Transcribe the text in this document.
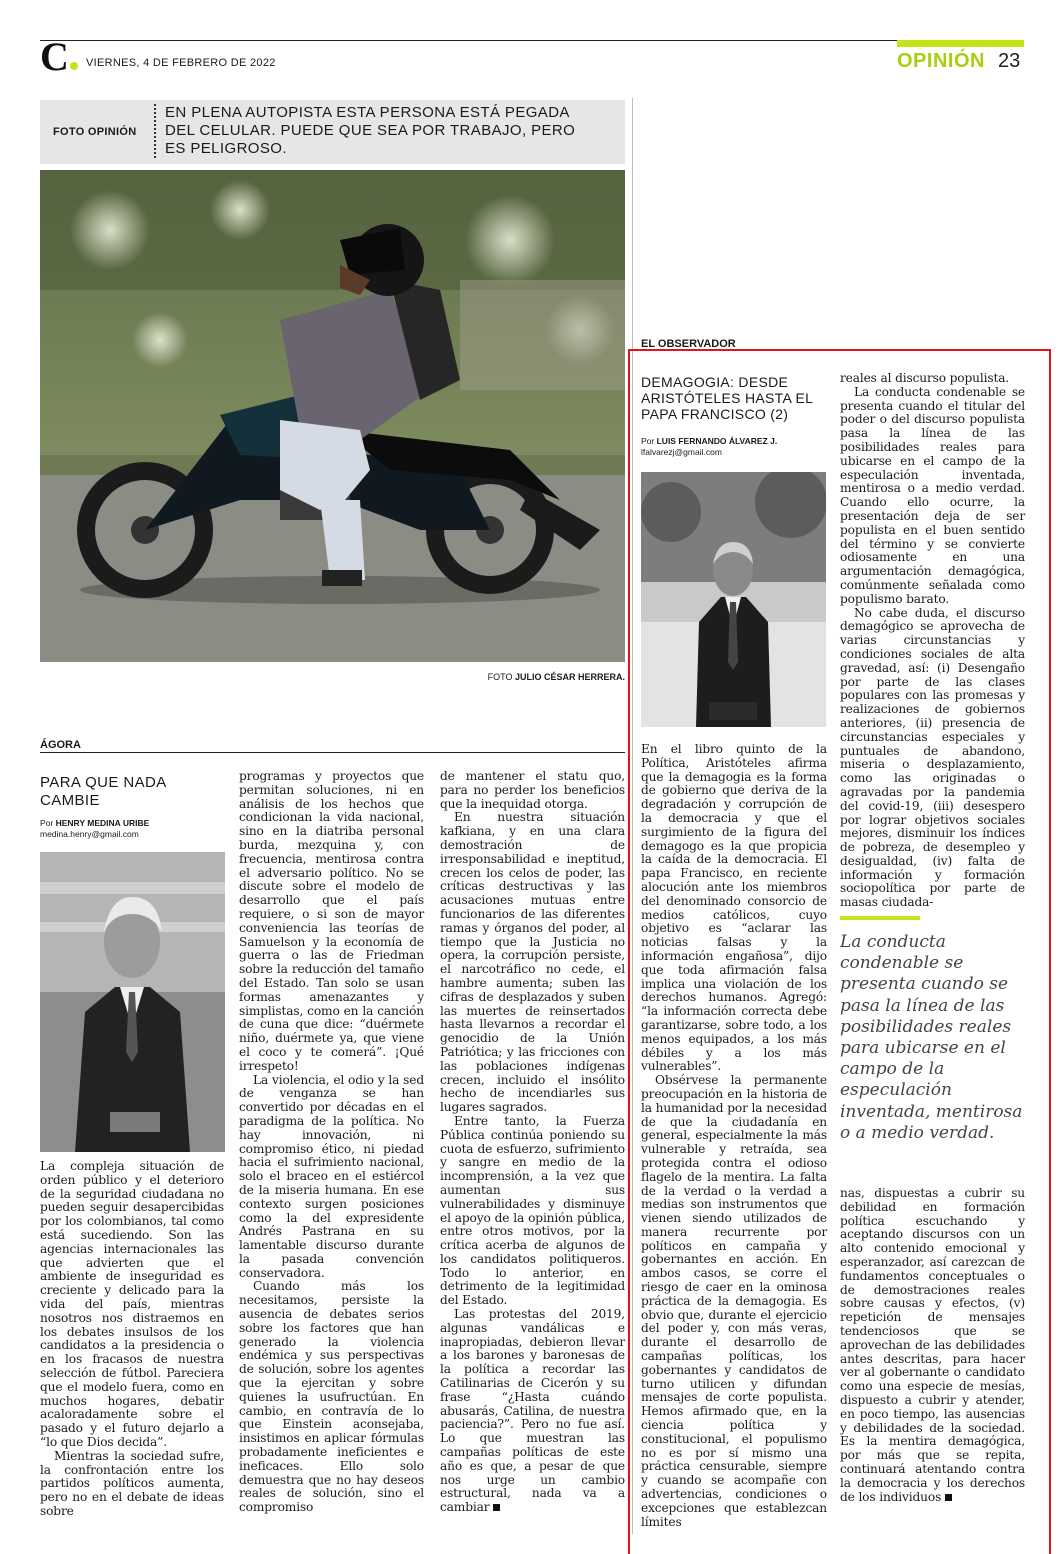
C	VIERNES, 4 DE FEBRERO DE 2022	OPINIÓN 23
FOTO OPINIÓN
EN PLENA AUTOPISTA ESTA PERSONA ESTÁ PEGADA DEL CELULAR. PUEDE QUE SEA POR TRABAJO, PERO ES PELIGROSO.
FOTO JULIO CÉSAR HERRERA.
ÁGORA
PARA QUE NADA CAMBIE
Por HENRY MEDINA URIBE
medina.henry@gmail.com

La compleja situación de orden público y el deterioro de la seguridad ciudadana no pueden seguir desapercibidas por los colombianos, tal como está sucediendo. Son las agencias internacionales las que advierten que el ambiente de inseguridad es creciente y delicado para la vida del país, mientras nosotros nos distraemos en los debates insulsos de los candidatos a la presidencia o en los fracasos de nuestra selección de fútbol. Pareciera que el modelo fuera, como en muchos hogares, debatir acaloradamente sobre el pasado y el futuro dejarlo a “lo que Dios decida”.

Mientras la sociedad sufre, la confrontación entre los partidos políticos aumenta, pero no en el debate de ideas sobre

programas y proyectos que permitan soluciones, ni en análisis de los hechos que condicionan la vida nacional, sino en la diatriba personal burda, mezquina y, con frecuencia, mentirosa contra el adversario político. No se discute sobre el modelo de desarrollo que el país requiere, o si son de mayor conveniencia las teorías de Samuelson y la economía de guerra o las de Friedman sobre la reducción del tamaño del Estado. Tan solo se usan formas amenazantes y simplistas, como en la canción de cuna que dice: “duérmete niño, duérmete ya, que viene el coco y te comerá”. ¡Qué irrespeto!

La violencia, el odio y la sed de venganza se han convertido por décadas en el paradigma de la política. No hay innovación, ni compromiso ético, ni piedad hacia el sufrimiento nacional, solo el braceo en el estiércol de la miseria humana. En ese contexto surgen posiciones como la del expresidente Andrés Pastrana en su lamentable discurso durante la pasada convención conservadora.

Cuando más los necesitamos, persiste la ausencia de debates serios sobre los factores que han generado la violencia endémica y sus perspectivas de solución, sobre los agentes que la ejercitan y sobre quienes la usufructúan. En cambio, en contravía de lo que Einstein aconsejaba, insistimos en aplicar fórmulas probadamente ineficientes e ineficaces. Ello solo demuestra que no hay deseos reales de solución, sino el compromiso

de mantener el statu quo, para no perder los beneficios que la inequidad otorga.

En nuestra situación kafkiana, y en una clara demostración de irresponsabilidad e ineptitud, crecen los celos de poder, las críticas destructivas y las acusaciones mutuas entre funcionarios de las diferentes ramas y órganos del poder, al tiempo que la Justicia no opera, la corrupción persiste, el narcotráfico no cede, el hambre aumenta; suben las cifras de desplazados y suben las muertes de reinsertados hasta llevarnos a recordar el genocidio de la Unión Patriótica; y las fricciones con las poblaciones indígenas crecen, incluido el insólito hecho de incendiarles sus lugares sagrados.

Entre tanto, la Fuerza Pública continúa poniendo su cuota de esfuerzo, sufrimiento y sangre en medio de la incomprensión, a la vez que aumentan sus vulnerabilidades y disminuye el apoyo de la opinión pública, entre otros motivos, por la crítica acerba de algunos de los candidatos politiqueros. Todo lo anterior, en detrimento de la legitimidad del Estado.

Las protestas del 2019, algunas vandálicas e inapropiadas, debieron llevar a los barones y baronesas de la política a recordar las Catilinarias de Cicerón y su frase “¿Hasta cuándo abusarás, Catilina, de nuestra paciencia?”. Pero no fue así. Lo que muestran las campañas políticas de este año es que, a pesar de que nos urge un cambio estructural, nada va a cambiar

EL OBSERVADOR
DEMAGOGIA: DESDE ARISTÓTELES HASTA EL PAPA FRANCISCO (2)
Por LUIS FERNANDO ÁLVAREZ J.
lfalvarezj@gmail.com

En el libro quinto de la Política, Aristóteles afirma que la demagogia es la forma de gobierno que deriva de la degradación y corrupción de la democracia y que el surgimiento de la figura del demagogo es la que propicia la caída de la democracia. El papa Francisco, en reciente alocución ante los miembros del denominado consorcio de medios católicos, cuyo objetivo es “aclarar las noticias falsas y la información engañosa”, dijo que toda afirmación falsa implica una violación de los derechos humanos. Agregó: “la información correcta debe garantizarse, sobre todo, a los menos equipados, a los más débiles y a los más vulnerables”.

Obsérvese la permanente preocupación en la historia de la humanidad por la necesidad de que la ciudadanía en general, especialmente la más vulnerable y retraída, sea protegida contra el odioso flagelo de la mentira. La falta de la verdad o la verdad a medias son instrumentos que vienen siendo utilizados de manera recurrente por políticos en campaña y gobernantes en acción. En ambos casos, se corre el riesgo de caer en la ominosa práctica de la demagogia. Es obvio que, durante el ejercicio del poder y, con más veras, durante el desarrollo de campañas políticas, los gobernantes y candidatos de turno utilicen y difundan mensajes de corte populista. Hemos afirmado que, en la ciencia política y constitucional, el populismo no es por sí mismo una práctica censurable, siempre y cuando se acompañe con advertencias, condiciones o excepciones que establezcan límites

reales al discurso populista.

La conducta condenable se presenta cuando el titular del poder o del discurso populista pasa la línea de las posibilidades reales para ubicarse en el campo de la especulación inventada, mentirosa o a medio verdad. Cuando ello ocurre, la presentación deja de ser populista en el buen sentido del término y se convierte odiosamente en una argumentación demagógica, comúnmente señalada como populismo barato.

No cabe duda, el discurso demagógico se aprovecha de varias circunstancias y condiciones sociales de alta gravedad, así: (i) Desengaño por parte de las clases populares con las promesas y realizaciones de gobiernos anteriores, (ii) presencia de circunstancias especiales y puntuales de abandono, miseria o desplazamiento, como las originadas o agravadas por la pandemia del covid-19, (iii) desespero por lograr objetivos sociales mejores, disminuir los índices de pobreza, de desempleo y desigualdad, (iv) falta de información y formación sociopolítica por parte de masas ciudada-

La conducta condenable se presenta cuando se pasa la línea de las posibilidades reales para ubicarse en el campo de la especulación inventada, mentirosa o a medio verdad.

nas, dispuestas a cubrir su debilidad en formación política escuchando y aceptando discursos con un alto contenido emocional y esperanzador, así carezcan de fundamentos conceptuales o de demostraciones reales sobre causas y efectos, (v) repetición de mensajes tendenciosos que se aprovechan de las debilidades antes descritas, para hacer ver al gobernante o candidato como una especie de mesías, dispuesto a cubrir y atender, en poco tiempo, las ausencias y debilidades de la sociedad. Es la mentira demagógica, por más que se repita, continuará atentando contra la democracia y los derechos de los individuos
